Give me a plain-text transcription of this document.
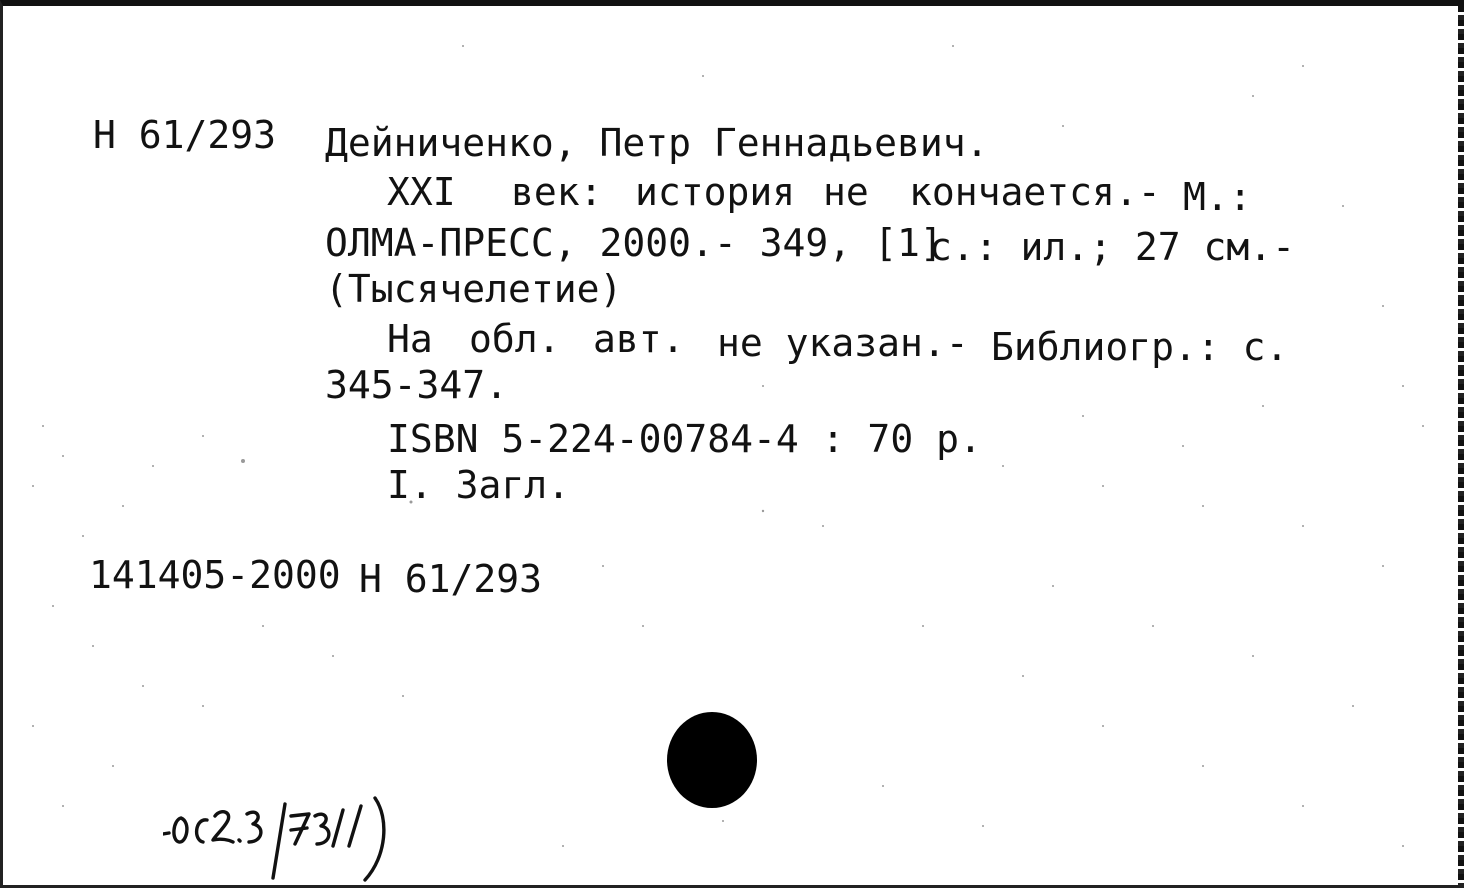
Н 61/293 Дейниченко, Петр Геннадьевич.
XXI век: история не кончается.- М.:
ОЛМА-ПРЕСС, 2000.- 349, [1]
с.: ил.; 27 см.-
(Тысячелетие)
На обл. авт. не указан.- Библиогр.: с.
345-347.
ISBN 5-224-00784-4 : 70 р.
I. Загл.
141405-2000 Н 61/293
